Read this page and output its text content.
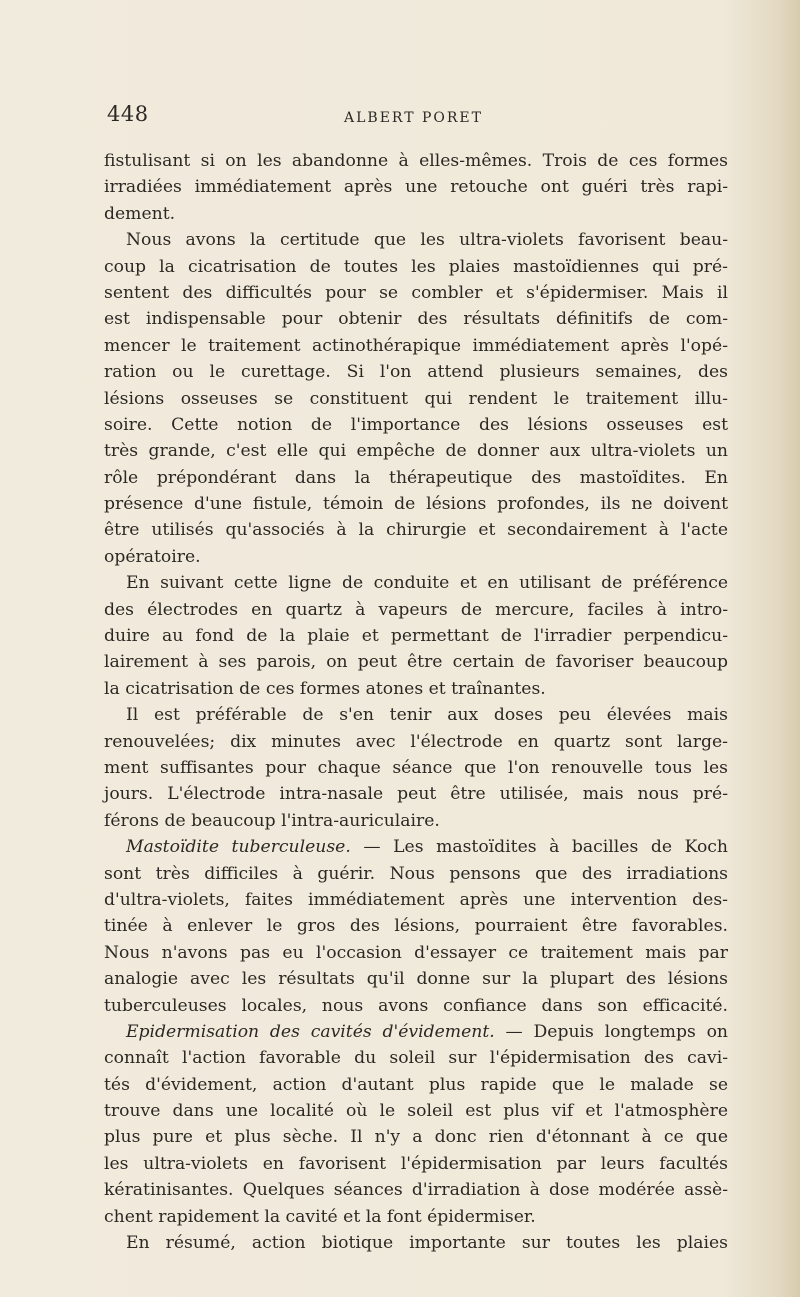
448	ALBERT PORET
fistulisant si on les abandonne à elles-mêmes. Trois de ces formes
irradiées immédiatement après une retouche ont guéri très rapi-
dement.
Nous avons la certitude que les ultra-violets favorisent beau-
coup la cicatrisation de toutes les plaies mastoïdiennes qui pré-
sentent des difficultés pour se combler et s'épidermiser. Mais il
est indispensable pour obtenir des résultats définitifs de com-
mencer le traitement actinothérapique immédiatement après l'opé-
ration ou le curettage. Si l'on attend plusieurs semaines, des
lésions osseuses se constituent qui rendent le traitement illu-
soire. Cette notion de l'importance des lésions osseuses est
très grande, c'est elle qui empêche de donner aux ultra-violets un
rôle prépondérant dans la thérapeutique des mastoïdites. En
présence d'une fistule, témoin de lésions profondes, ils ne doivent
être utilisés qu'associés à la chirurgie et secondairement à l'acte
opératoire.
En suivant cette ligne de conduite et en utilisant de préférence
des électrodes en quartz à vapeurs de mercure, faciles à intro-
duire au fond de la plaie et permettant de l'irradier perpendicu-
lairement à ses parois, on peut être certain de favoriser beaucoup
la cicatrisation de ces formes atones et traînantes.
Il est préférable de s'en tenir aux doses peu élevées mais
renouvelées; dix minutes avec l'électrode en quartz sont large-
ment suffisantes pour chaque séance que l'on renouvelle tous les
jours. L'électrode intra-nasale peut être utilisée, mais nous pré-
férons de beaucoup l'intra-auriculaire.
Mastoïdite tuberculeuse. — Les mastoïdites à bacilles de Koch
sont très difficiles à guérir. Nous pensons que des irradiations
d'ultra-violets, faites immédiatement après une intervention des-
tinée à enlever le gros des lésions, pourraient être favorables.
Nous n'avons pas eu l'occasion d'essayer ce traitement mais par
analogie avec les résultats qu'il donne sur la plupart des lésions
tuberculeuses locales, nous avons confiance dans son efficacité.
Epidermisation des cavités d'évidement. — Depuis longtemps on
connaît l'action favorable du soleil sur l'épidermisation des cavi-
tés d'évidement, action d'autant plus rapide que le malade se
trouve dans une localité où le soleil est plus vif et l'atmosphère
plus pure et plus sèche. Il n'y a donc rien d'étonnant à ce que
les ultra-violets en favorisent l'épidermisation par leurs facultés
kératinisantes. Quelques séances d'irradiation à dose modérée assè-
chent rapidement la cavité et la font épidermiser.
En résumé, action biotique importante sur toutes les plaies
